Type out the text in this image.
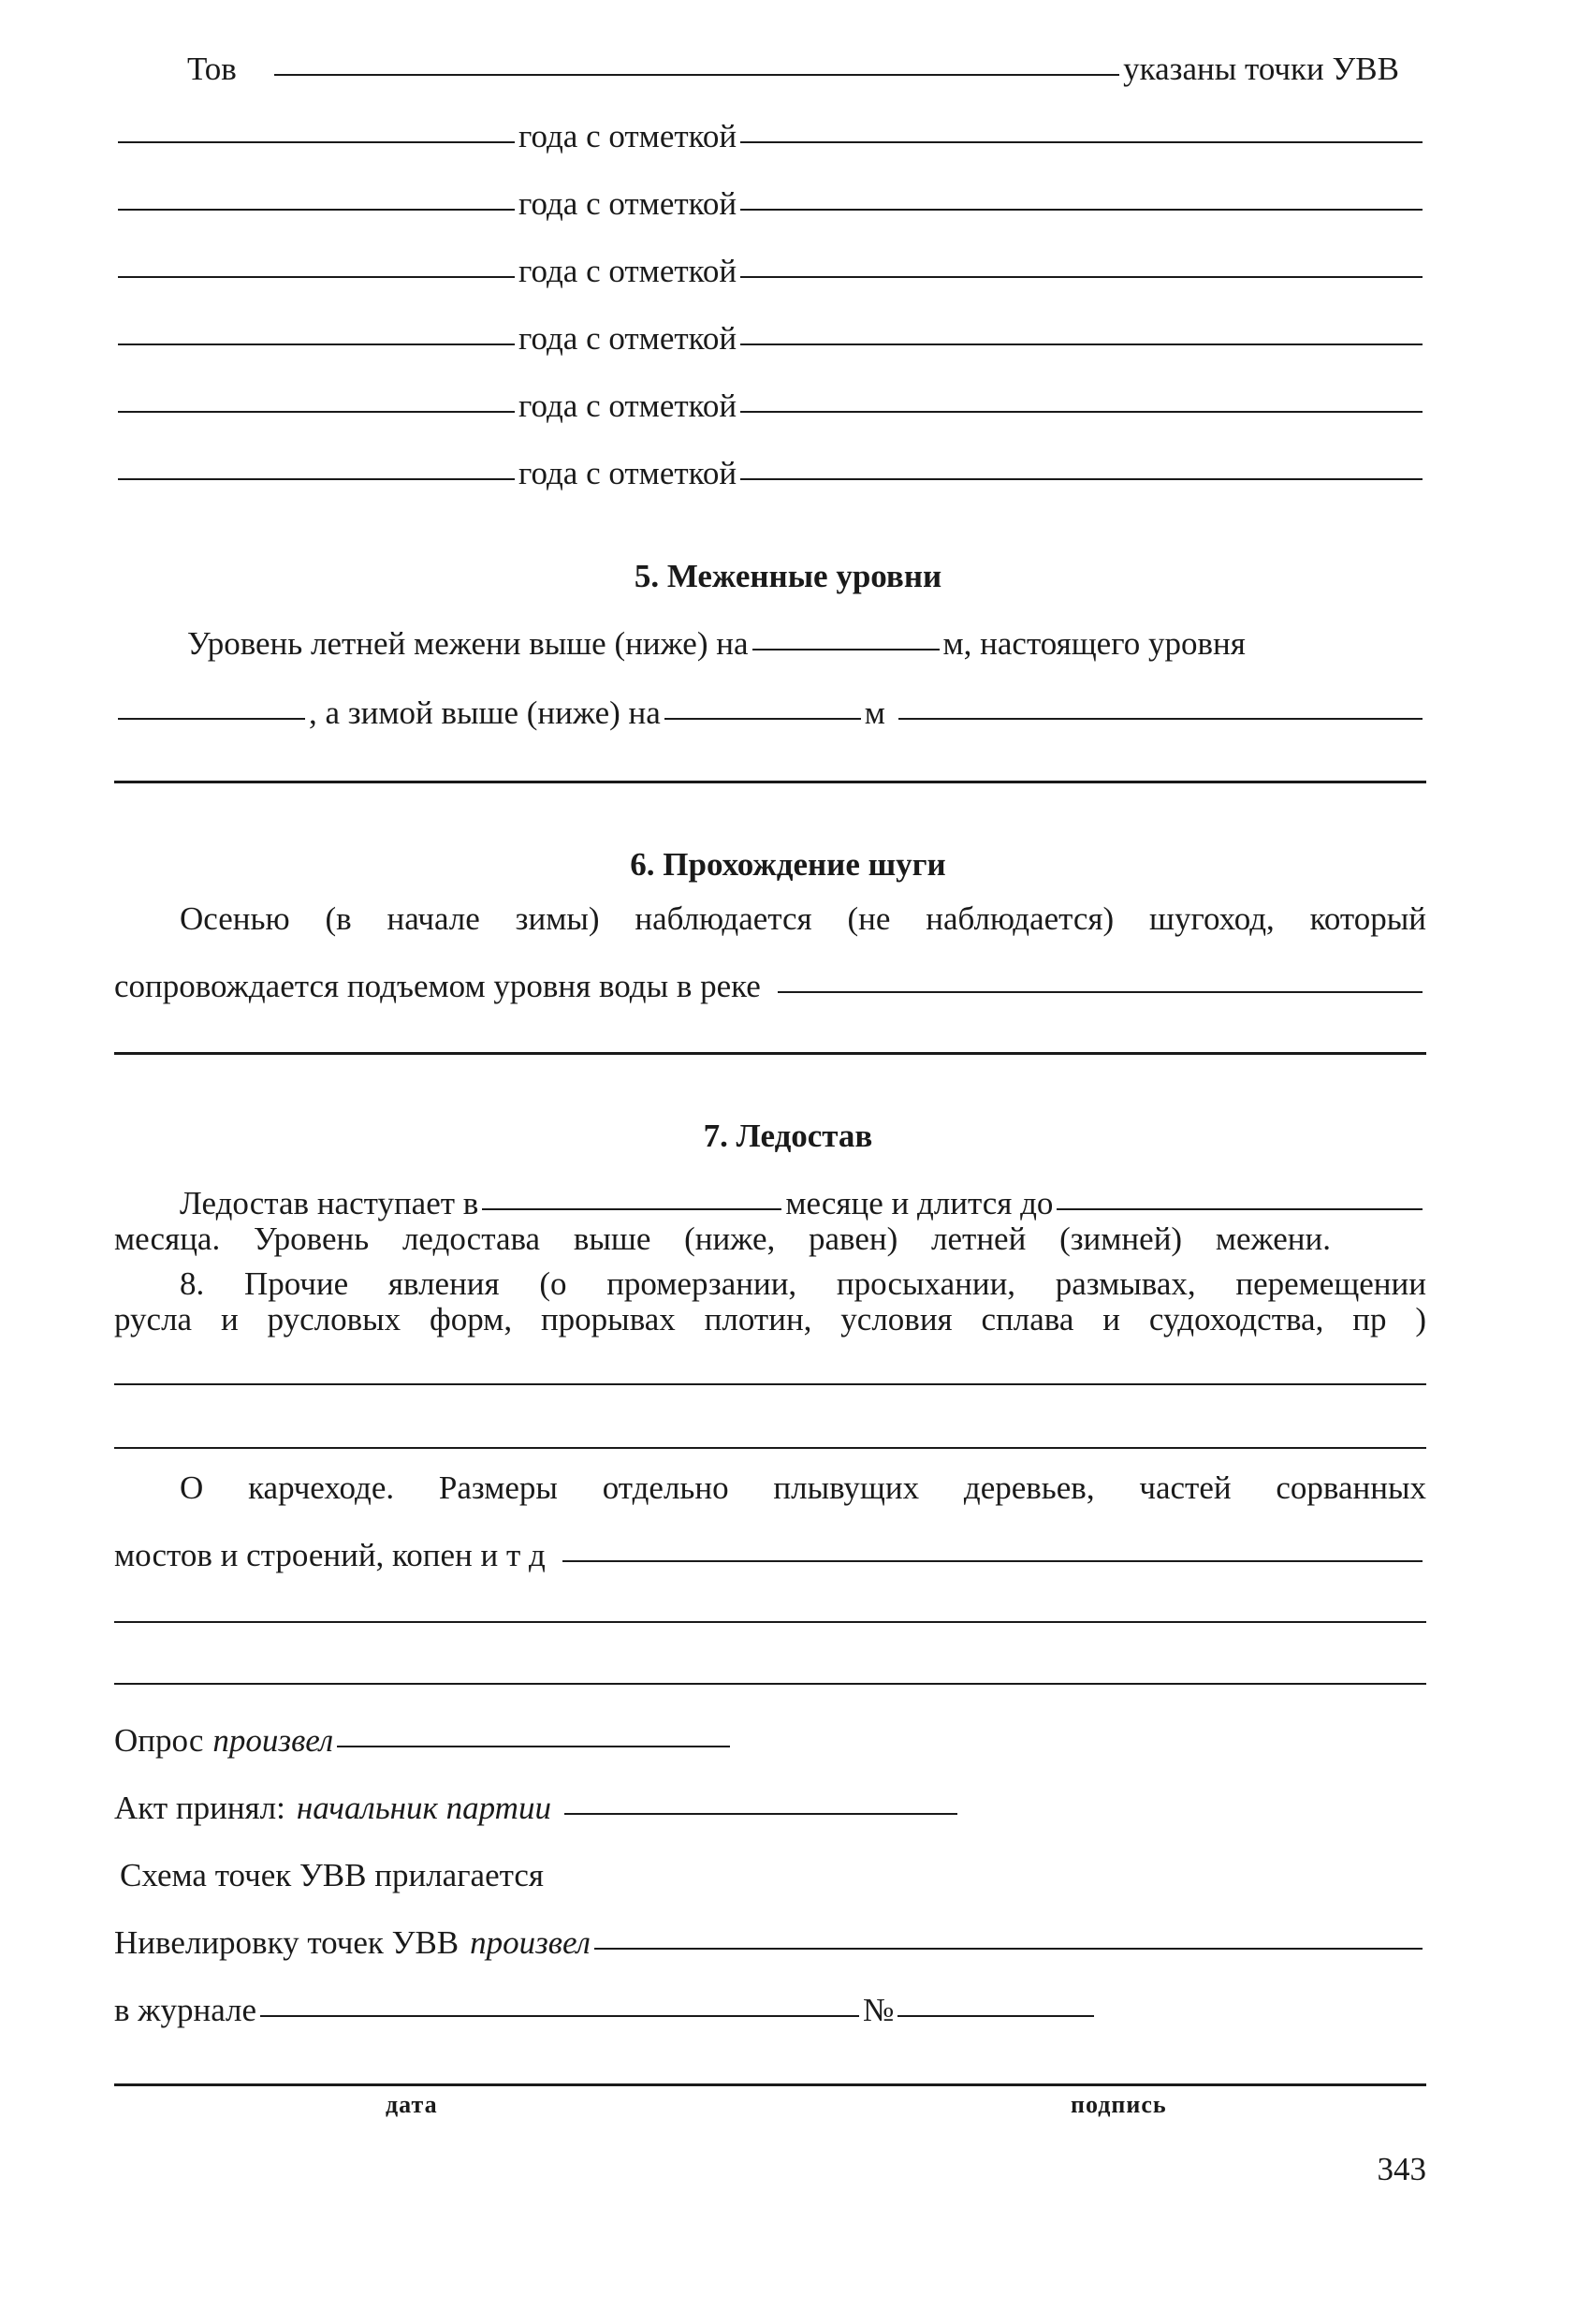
Тов	указаны точки УВВ
года с отметкой
года с отметкой
года с отметкой
года с отметкой
года с отметкой
года с отметкой
5. Меженные уровни
Уровень летней межени выше (ниже) на	м, настоящего уровня
, а зимой выше (ниже) на	м
6. Прохождение шуги
Осенью (в начале зимы) наблюдается (не наблюдается) шугоход, который
сопровождается подъемом уровня воды в реке
7. Ледостав
Ледостав наступает в	месяце и длится до
месяца. Уровень ледостава выше (ниже, равен) летней (зимней) межени.
8. Прочие явления (о промерзании, просыхании, размывах, перемещении
русла и русловых форм, прорывах плотин, условия сплава и судоходства, пр )
О карчеходе. Размеры отдельно плывущих деревьев, частей сорванных
мостов и строений, копен и т д
Опрос произвел
Акт принял: начальник партии
Схема точек УВВ прилагается
Нивелировку точек УВВ произвел
в журнале	№
дата	подпись
343
